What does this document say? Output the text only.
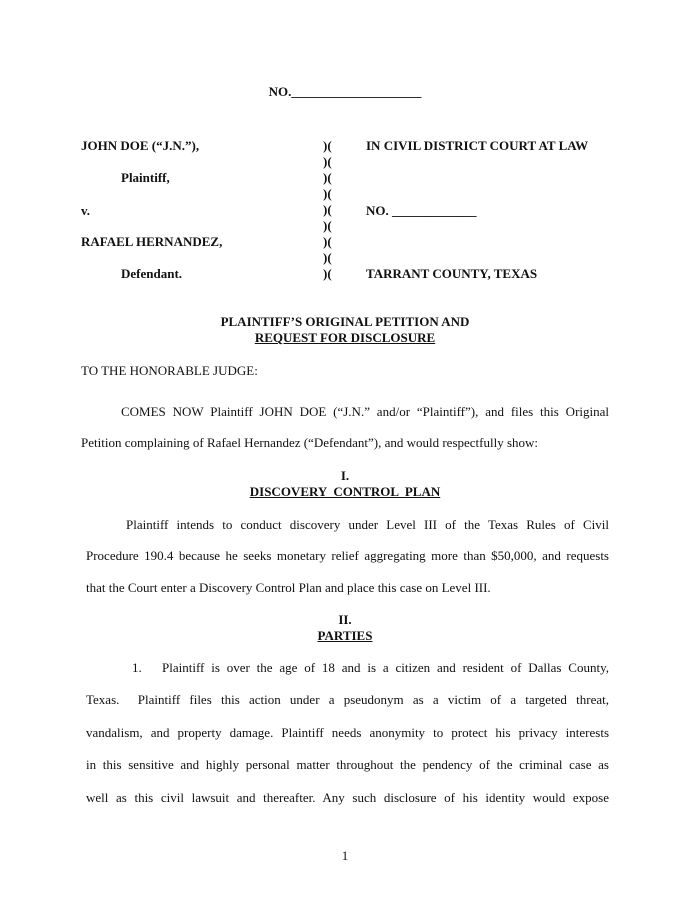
NO.____________________
JOHN DOE (“J.N.”),
Plaintiff,
v.
RAFAEL HERNANDEZ,
Defendant.
)(
)(
)(
)(
)(
)(
)(
)(
)(
IN CIVIL DISTRICT COURT AT LAW
NO. _____________
TARRANT COUNTY, TEXAS
PLAINTIFF’S ORIGINAL PETITION AND
REQUEST FOR DISCLOSURE
TO THE HONORABLE JUDGE:
COMES NOW Plaintiff JOHN DOE (“J.N.” and/or “Plaintiff”), and files this Original
Petition complaining of Rafael Hernandez (“Defendant”), and would respectfully show:
I.
DISCOVERY  CONTROL  PLAN
Plaintiff intends to conduct discovery under Level III of the Texas Rules of Civil
Procedure 190.4 because he seeks monetary relief aggregating more than $50,000, and requests
that the Court enter a Discovery Control Plan and place this case on Level III.
II.
PARTIES
1. Plaintiff is over the age of 18 and is a citizen and resident of Dallas County,
Texas.  Plaintiff files this action under a pseudonym as a victim of a targeted threat,
vandalism, and property damage. Plaintiff needs anonymity to protect his privacy interests
in this sensitive and highly personal matter throughout the pendency of the criminal case as
well as this civil lawsuit and thereafter. Any such disclosure of his identity would expose
1
